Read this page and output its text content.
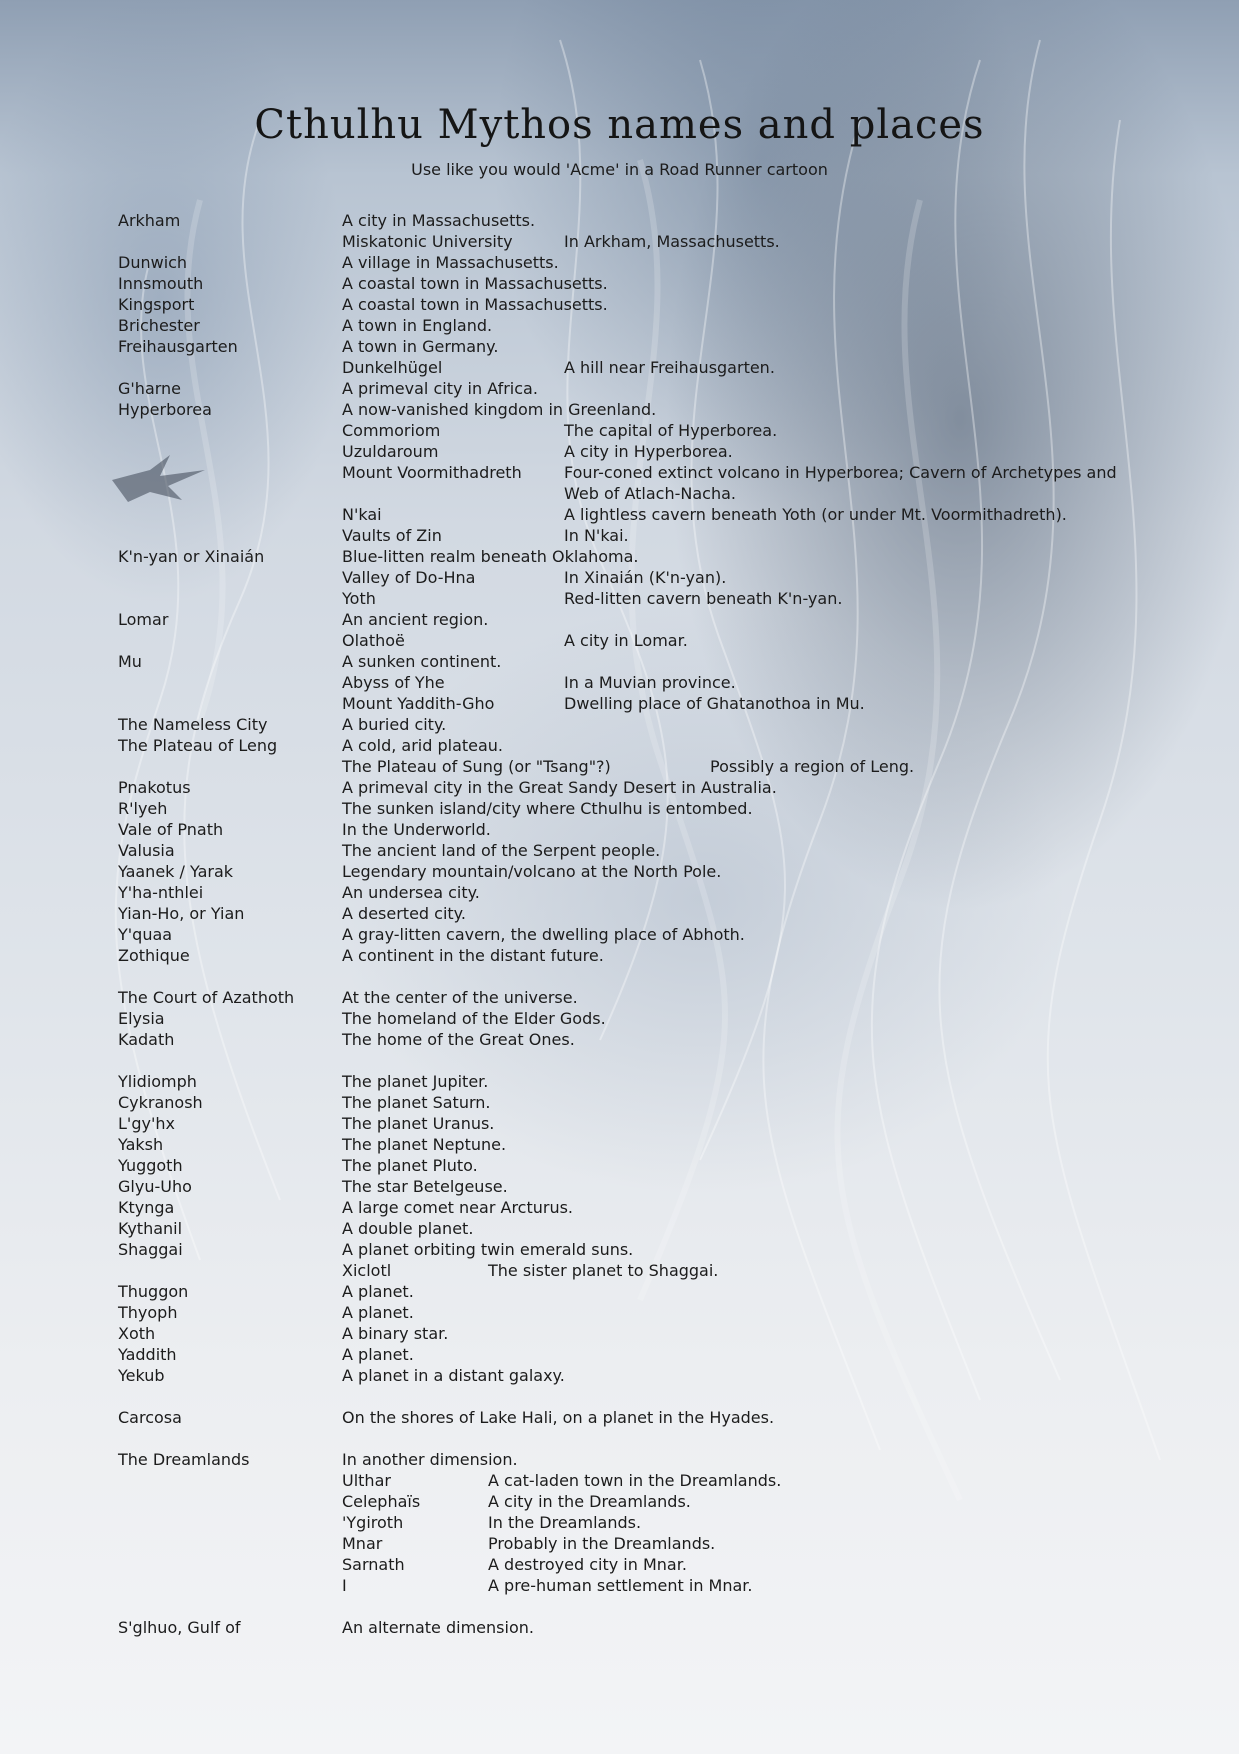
Cthulhu Mythos names and places
Use like you would 'Acme' in a Road Runner cartoon
Arkham	A city in Massachusetts.
Miskatonic University	In Arkham, Massachusetts.
Dunwich	A village in Massachusetts.
Innsmouth	A coastal town in Massachusetts.
Kingsport	A coastal town in Massachusetts.
Brichester	A town in England.
Freihausgarten	A town in Germany.
Dunkelhügel	A hill near Freihausgarten.
G'harne	A primeval city in Africa.
Hyperborea	A now-vanished kingdom in Greenland.
Commoriom	The capital of Hyperborea.
Uzuldaroum	A city in Hyperborea.
Mount Voormithadreth	Four-coned extinct volcano in Hyperborea; Cavern of Archetypes and Web of Atlach-Nacha.
N'kai	A lightless cavern beneath Yoth (or under Mt. Voormithadreth).
Vaults of Zin	In N'kai.
K'n-yan or Xinaián	Blue-litten realm beneath Oklahoma.
Valley of Do-Hna	In Xinaián (K'n-yan).
Yoth	Red-litten cavern beneath K'n-yan.
Lomar	An ancient region.
Olathoë	A city in Lomar.
Mu	A sunken continent.
Abyss of Yhe	In a Muvian province.
Mount Yaddith-Gho	Dwelling place of Ghatanothoa in Mu.
The Nameless City	A buried city.
The Plateau of Leng	A cold, arid plateau.
The Plateau of Sung (or "Tsang"?)	Possibly a region of Leng.
Pnakotus	A primeval city in the Great Sandy Desert in Australia.
R'lyeh	The sunken island/city where Cthulhu is entombed.
Vale of Pnath	In the Underworld.
Valusia	The ancient land of the Serpent people.
Yaanek / Yarak	Legendary mountain/volcano at the North Pole.
Y'ha-nthlei	An undersea city.
Yian-Ho, or Yian	A deserted city.
Y'quaa	A gray-litten cavern, the dwelling place of Abhoth.
Zothique	A continent in the distant future.
The Court of Azathoth	At the center of the universe.
Elysia	The homeland of the Elder Gods.
Kadath	The home of the Great Ones.
Ylidiomph	The planet Jupiter.
Cykranosh	The planet Saturn.
L'gy'hx	The planet Uranus.
Yaksh	The planet Neptune.
Yuggoth	The planet Pluto.
Glyu-Uho	The star Betelgeuse.
Ktynga	A large comet near Arcturus.
Kythanil	A double planet.
Shaggai	A planet orbiting twin emerald suns.
Xiclotl	The sister planet to Shaggai.
Thuggon	A planet.
Thyoph	A planet.
Xoth	A binary star.
Yaddith	A planet.
Yekub	A planet in a distant galaxy.
Carcosa	On the shores of Lake Hali, on a planet in the Hyades.
The Dreamlands	In another dimension.
Ulthar	A cat-laden town in the Dreamlands.
Celephaïs	A city in the Dreamlands.
'Ygiroth	In the Dreamlands.
Mnar	Probably in the Dreamlands.
Sarnath	A destroyed city in Mnar.
I	A pre-human settlement in Mnar.
S'glhuo, Gulf of	An alternate dimension.
